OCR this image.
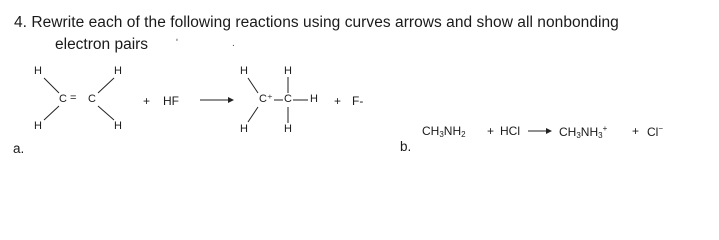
4. Rewrite each of the following reactions using curves arrows and show all nonbonding
electron pairs	ʹ	.
a.
H	H
C = C
H	H
+ HF
H	H
C⁺ C H
H	H
+ F-
b.
$CH_3NH_2$ + HCl	$CH_3NH_3^+ + Cl^-$
